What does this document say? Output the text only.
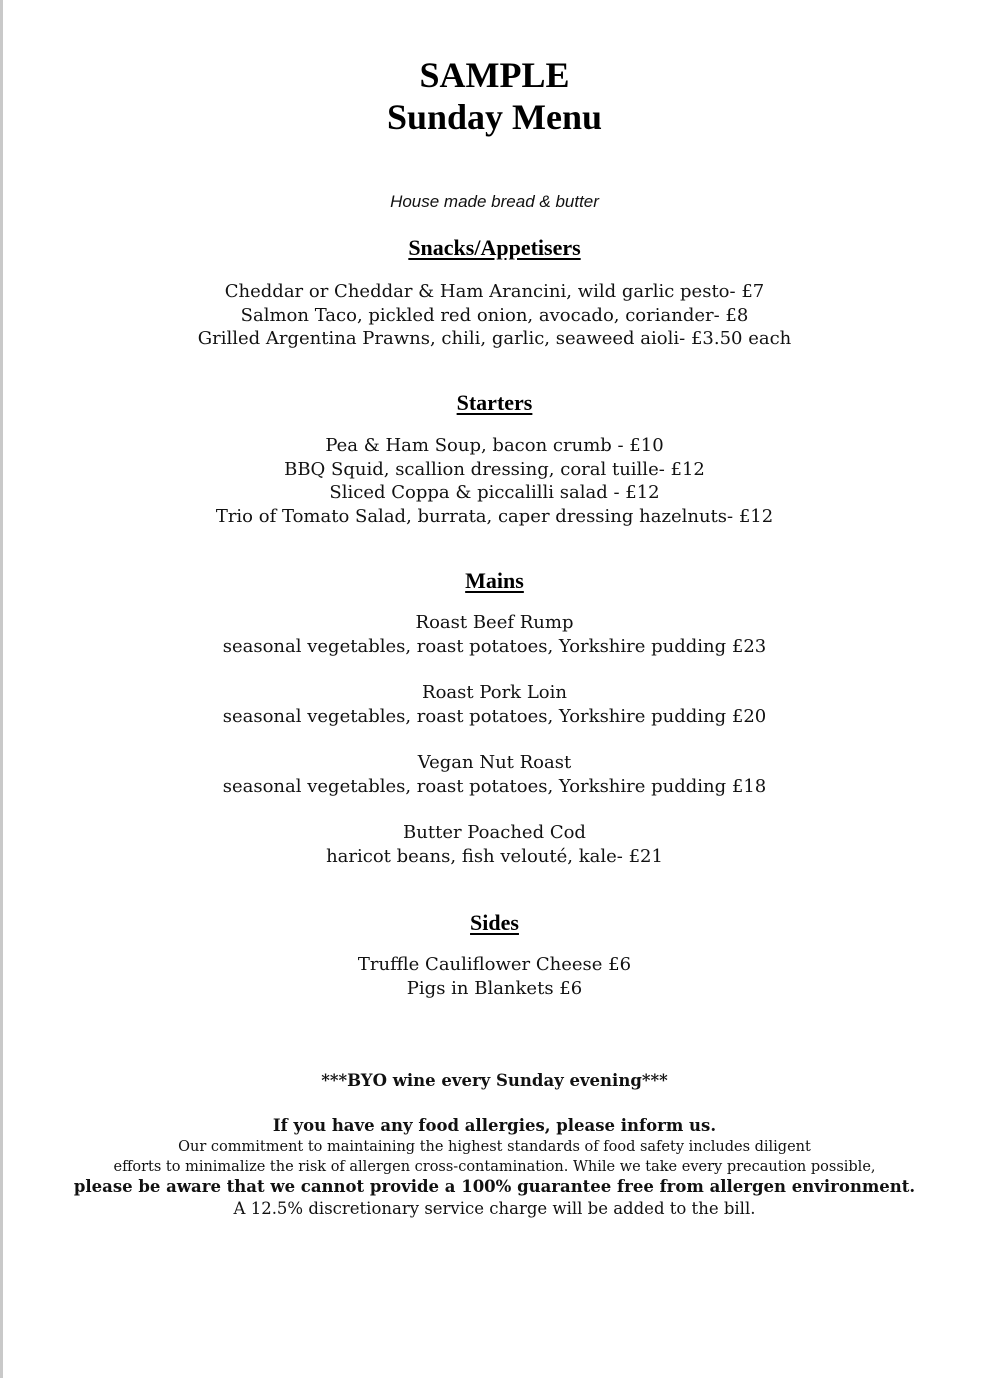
SAMPLE
Sunday Menu
House made bread & butter
Snacks/Appetisers
Cheddar or Cheddar & Ham Arancini, wild garlic pesto- £7
Salmon Taco, pickled red onion, avocado, coriander- £8
Grilled Argentina Prawns, chili, garlic, seaweed aioli- £3.50 each
Starters
Pea & Ham Soup, bacon crumb - £10
BBQ Squid, scallion dressing, coral tuille- £12
Sliced Coppa & piccalilli salad - £12
Trio of Tomato Salad, burrata, caper dressing hazelnuts- £12
Mains
Roast Beef Rump
seasonal vegetables, roast potatoes, Yorkshire pudding £23
Roast Pork Loin
seasonal vegetables, roast potatoes, Yorkshire pudding £20
Vegan Nut Roast
seasonal vegetables, roast potatoes, Yorkshire pudding £18
Butter Poached Cod
haricot beans, fish velouté, kale- £21
Sides
Truffle Cauliflower Cheese £6
Pigs in Blankets £6
***BYO wine every Sunday evening***
If you have any food allergies, please inform us.
Our commitment to maintaining the highest standards of food safety includes diligent
efforts to minimalize the risk of allergen cross-contamination. While we take every precaution possible,
please be aware that we cannot provide a 100% guarantee free from allergen environment.
A 12.5% discretionary service charge will be added to the bill.
